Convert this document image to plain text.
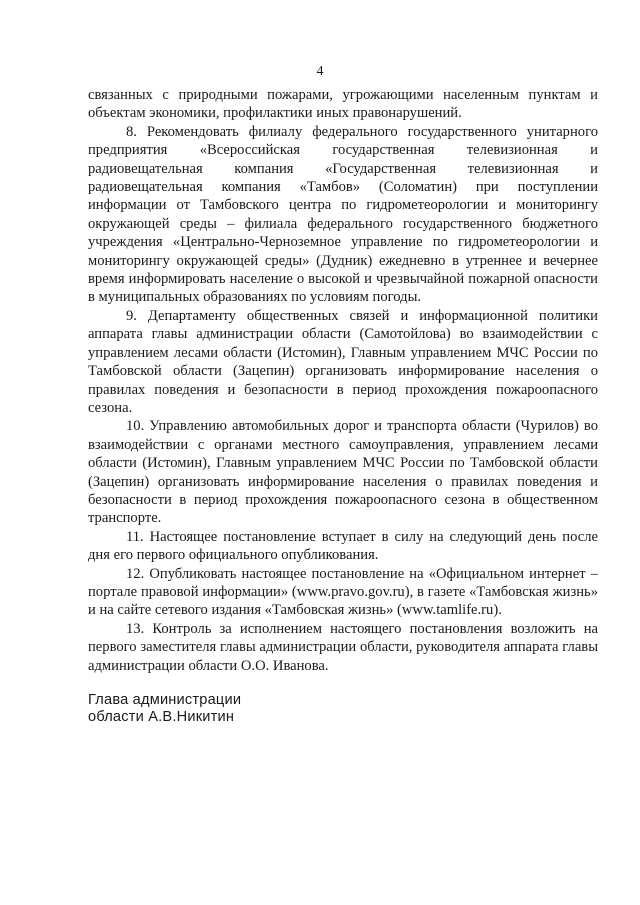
4

связанных с природными пожарами, угрожающими населенным пунктам и объектам экономики, профилактики иных правонарушений.

8. Рекомендовать филиалу федерального государственного унитарного предприятия «Всероссийская государственная телевизионная и радиовещательная компания «Государственная телевизионная и радиовещательная компания «Тамбов» (Соломатин) при поступлении информации от Тамбовского центра по гидрометеорологии и мониторингу окружающей среды – филиала федерального государственного бюджетного учреждения «Центрально-Черноземное управление по гидрометеорологии и мониторингу окружающей среды» (Дудник) ежедневно в утреннее и вечернее время информировать население о высокой и чрезвычайной пожарной опасности в муниципальных образованиях по условиям погоды.

9. Департаменту общественных связей и информационной политики аппарата главы администрации области (Самотойлова) во взаимодействии с управлением лесами области (Истомин), Главным управлением МЧС России по Тамбовской области (Зацепин) организовать информирование населения о правилах поведения и безопасности в период прохождения пожароопасного сезона.

10. Управлению автомобильных дорог и транспорта области (Чурилов) во взаимодействии с органами местного самоуправления, управлением лесами области (Истомин), Главным управлением МЧС России по Тамбовской области (Зацепин) организовать информирование населения о правилах поведения и безопасности в период прохождения пожароопасного сезона в общественном транспорте.

11. Настоящее постановление вступает в силу на следующий день после дня его первого официального опубликования.

12. Опубликовать настоящее постановление на «Официальном интернет – портале правовой информации» (www.pravo.gov.ru), в газете «Тамбовская жизнь» и на сайте сетевого издания «Тамбовская жизнь» (www.tamlife.ru).

13. Контроль за исполнением настоящего постановления возложить на первого заместителя главы администрации области, руководителя аппарата главы администрации области О.О. Иванова.

Глава администрации
области А.В.Никитин
